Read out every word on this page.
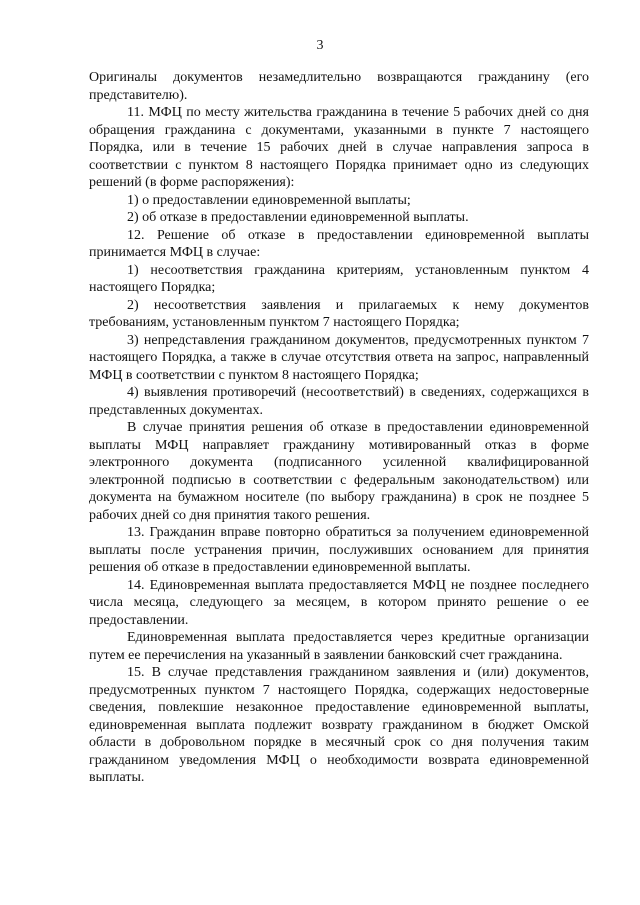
3

Оригиналы документов незамедлительно возвращаются гражданину (его представителю).

11. МФЦ по месту жительства гражданина в течение 5 рабочих дней со дня обращения гражданина с документами, указанными в пункте 7 настоящего Порядка, или в течение 15 рабочих дней в случае направления запроса в соответствии с пунктом 8 настоящего Порядка принимает одно из следующих решений (в форме распоряжения):

1) о предоставлении единовременной выплаты;

2) об отказе в предоставлении единовременной выплаты.

12. Решение об отказе в предоставлении единовременной выплаты принимается МФЦ в случае:

1) несоответствия гражданина критериям, установленным пунктом 4 настоящего Порядка;

2) несоответствия заявления и прилагаемых к нему документов требованиям, установленным пунктом 7 настоящего Порядка;

3) непредставления гражданином документов, предусмотренных пунктом 7 настоящего Порядка, а также в случае отсутствия ответа на запрос, направленный МФЦ в соответствии с пунктом 8 настоящего Порядка;

4) выявления противоречий (несоответствий) в сведениях, содержащихся в представленных документах.

В случае принятия решения об отказе в предоставлении единовременной выплаты МФЦ направляет гражданину мотивированный отказ в форме электронного документа (подписанного усиленной квалифицированной электронной подписью в соответствии с федеральным законодательством) или документа на бумажном носителе (по выбору гражданина) в срок не позднее 5 рабочих дней со дня принятия такого решения.

13. Гражданин вправе повторно обратиться за получением единовременной выплаты после устранения причин, послуживших основанием для принятия решения об отказе в предоставлении единовременной выплаты.

14. Единовременная выплата предоставляется МФЦ не позднее последнего числа месяца, следующего за месяцем, в котором принято решение о ее предоставлении.

Единовременная выплата предоставляется через кредитные организации путем ее перечисления на указанный в заявлении банковский счет гражданина.

15. В случае представления гражданином заявления и (или) документов, предусмотренных пунктом 7 настоящего Порядка, содержащих недостоверные сведения, повлекшие незаконное предоставление единовременной выплаты, единовременная выплата подлежит возврату гражданином в бюджет Омской области в добровольном порядке в месячный срок со дня получения таким гражданином уведомления МФЦ о необходимости возврата единовременной выплаты.
